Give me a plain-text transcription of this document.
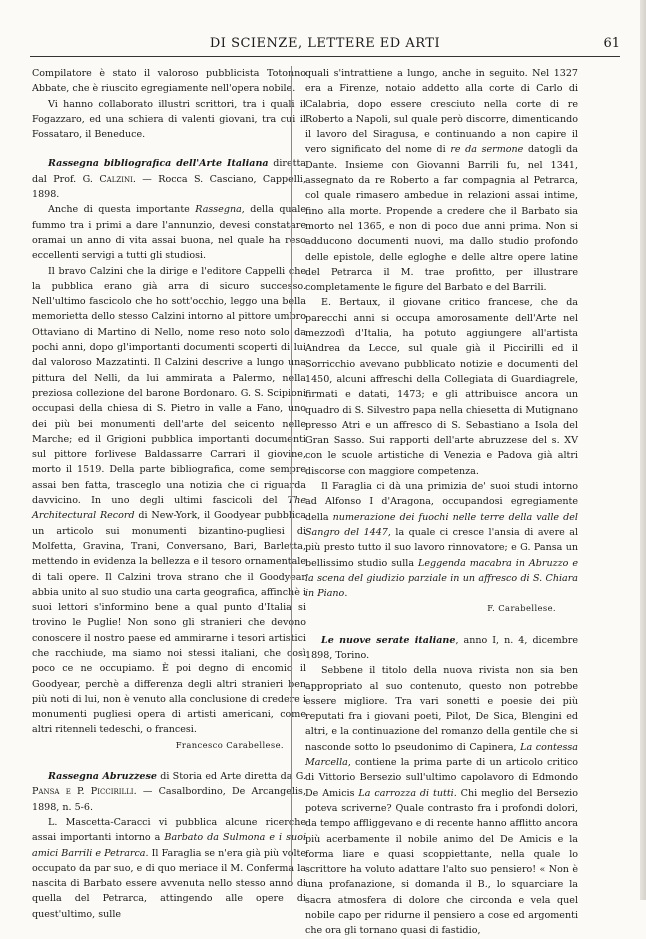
DI SCIENZE, LETTERE ED ARTI	61

Compilatore è stato il valoroso pubblicista Totonno Abbate, che è riuscito egregiamente nell'opera nobile.

Vi hanno collaborato illustri scrittori, tra i quali il Fogazzaro, ed una schiera di valenti giovani, tra cui il Fossataro, il Beneduce.

Rassegna bibliografica dell'Arte Italiana diretta dal Prof. G. Calzini. — Rocca S. Casciano, Cappelli, 1898.

Anche di questa importante Rassegna, della quale fummo tra i primi a dare l'annunzio, devesi constatare oramai un anno di vita assai buona, nel quale ha reso eccellenti servigi a tutti gli studiosi.

Il bravo Calzini che la dirige e l'editore Cappelli che la pubblica erano già arra di sicuro successo. Nell'ultimo fascicolo che ho sott'occhio, leggo una bella memorietta dello stesso Calzini intorno al pittore umbro Ottaviano di Martino di Nello, nome reso noto solo da pochi anni, dopo gl'importanti documenti scoperti di lui dal valoroso Mazzatinti. Il Calzini descrive a lungo una pittura del Nelli, da lui ammirata a Palermo, nella preziosa collezione del barone Bordonaro. G. S. Scipioni occupasi della chiesa di S. Pietro in valle a Fano, uno dei più bei monumenti dell'arte del seicento nelle Marche; ed il Grigioni pubblica importanti documenti sul pittore forlivese Baldassarre Carrari il giovine, morto il 1519. Della parte bibliografica, come sempre assai ben fatta, trasceglo una notizia che ci riguarda davvicino. In uno degli ultimi fascicoli del The Architectural Record di New-York, il Goodyear pubblica un articolo sui monumenti bizantino-pugliesi di Molfetta, Gravina, Trani, Conversano, Bari, Barletta, mettendo in evidenza la bellezza e il tesoro ornamentale di tali opere. Il Calzini trova strano che il Goodyear abbia unito al suo studio una carta geografica, affinchè i suoi lettori s'informino bene a qual punto d'Italia si trovino le Puglie! Non sono gli stranieri che devono conoscere il nostro paese ed ammirarne i tesori artistici che racchiude, ma siamo noi stessi italiani, che così poco ce ne occupiamo. È poi degno di encomio il Goodyear, perchè a differenza degli altri stranieri ben più noti di lui, non è venuto alla conclusione di credere i monumenti pugliesi opera di artisti americani, come altri ritenneli tedeschi, o francesi.

Francesco Carabellese.

Rassegna Abruzzese di Storia ed Arte diretta da G. Pansa e P. Piccirilli. — Casalbordino, De Arcangelis, 1898, n. 5-6.

L. Mascetta-Caracci vi pubblica alcune ricerche assai importanti intorno a Barbato da Sulmona e i suoi amici Barrili e Petrarca. Il Faraglia se n'era già più volte occupato da par suo, e di quo meriace il M. Conferma la nascita di Barbato essere avvenuta nello stesso anno di quella del Petrarca, attingendo alle opere di quest'ultimo, sulle

quali s'intrattiene a lungo, anche in seguito. Nel 1327 era a Firenze, notaio addetto alla corte di Carlo di Calabria, dopo essere cresciuto nella corte di re Roberto a Napoli, sul quale però discorre, dimenticando il lavoro del Siragusa, e continuando a non capire il vero significato del nome di re da sermone datogli da Dante. Insieme con Giovanni Barrili fu, nel 1341, assegnato da re Roberto a far compagnia al Petrarca, col quale rimasero ambedue in relazioni assai intime, fino alla morte. Propende a credere che il Barbato sia morto nel 1365, e non di poco due anni prima. Non si adducono documenti nuovi, ma dallo studio profondo delle epistole, delle egloghe e delle altre opere latine del Petrarca il M. trae profitto, per illustrare completamente le figure del Barbato e del Barrili.

E. Bertaux, il giovane critico francese, che da parecchi anni si occupa amorosamente dell'Arte nel mezzodì d'Italia, ha potuto aggiungere all'artista Andrea da Lecce, sul quale già il Piccirilli ed il Sorricchio avevano pubblicato notizie e documenti del 1450, alcuni affreschi della Collegiata di Guardiagrele, firmati e datati, 1473; e gli attribuisce ancora un quadro di S. Silvestro papa nella chiesetta di Mutignano presso Atri e un affresco di S. Sebastiano a Isola del Gran Sasso. Sui rapporti dell'arte abruzzese del s. XV con le scuole artistiche di Venezia e Padova già altri discorse con maggiore competenza.

Il Faraglia ci dà una primizia de' suoi studi intorno ad Alfonso I d'Aragona, occupandosi egregiamente della numerazione dei fuochi nelle terre della valle del Sangro del 1447, la quale ci cresce l'ansia di avere al più presto tutto il suo lavoro rinnovatore; e G. Pansa un bellissimo studio sulla Leggenda macabra in Abruzzo e la scena del giudizio parziale in un affresco di S. Chiara in Piano.

F. Carabellese.

Le nuove serate italiane, anno I, n. 4, dicembre 1898, Torino.

Sebbene il titolo della nuova rivista non sia ben appropriato al suo contenuto, questo non potrebbe essere migliore. Tra vari sonetti e poesie dei più reputati fra i giovani poeti, Pilot, De Sica, Blengini ed altri, e la continuazione del romanzo della gentile che si nasconde sotto lo pseudonimo di Capinera, La contessa Marcella, contiene la prima parte di un articolo critico di Vittorio Bersezio sull'ultimo capolavoro di Edmondo De Amicis La carrozza di tutti. Chi meglio del Bersezio poteva scriverne? Quale contrasto fra i profondi dolori, da tempo affliggevano e di recente hanno afflitto ancora più acerbamente il nobile animo del De Amicis e la forma liare e quasi scoppiettante, nella quale lo scrittore ha voluto adattare l'alto suo pensiero! « Non è una profanazione, si domanda il B., lo squarciare la sacra atmosfera di dolore che circonda e vela quel nobile capo per ridurne il pensiero a cose ed argomenti che ora gli tornano quasi di fastidio,
